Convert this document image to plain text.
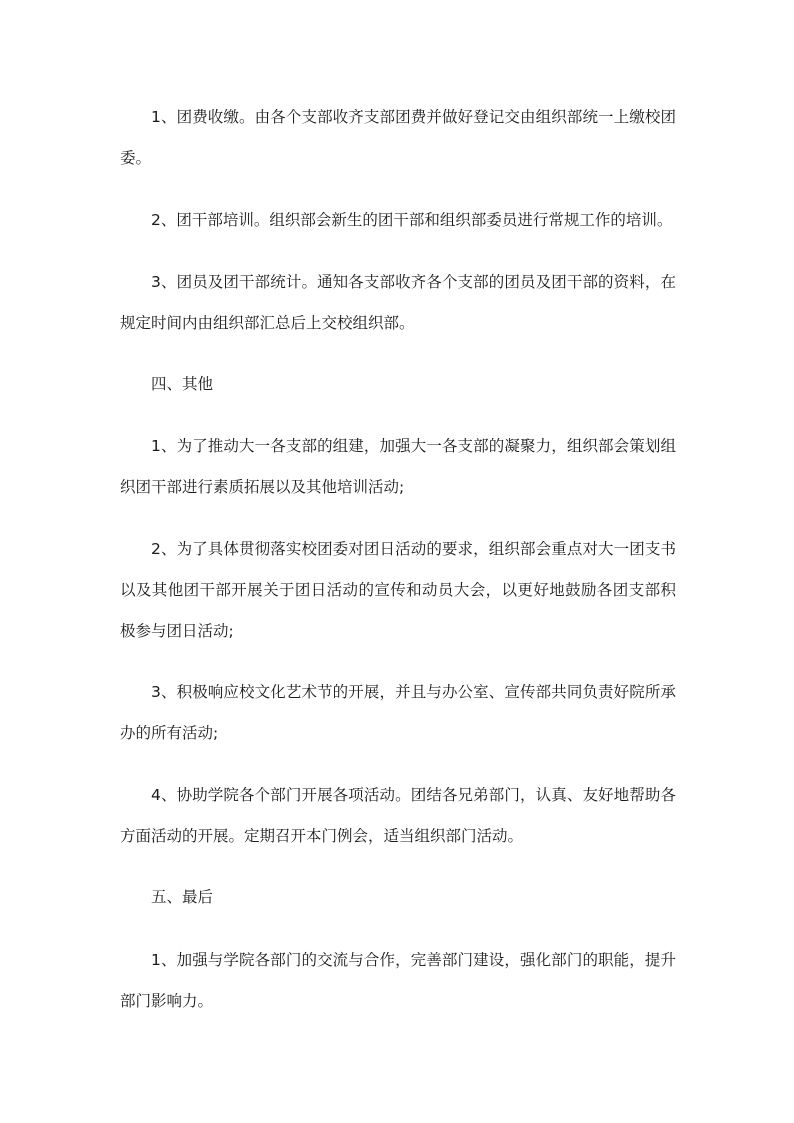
1、团费收缴。由各个支部收齐支部团费并做好登记交由组织部统一上缴校团委。

2、团干部培训。组织部会新生的团干部和组织部委员进行常规工作的培训。

3、团员及团干部统计。通知各支部收齐各个支部的团员及团干部的资料，在规定时间内由组织部汇总后上交校组织部。

四、其他

1、为了推动大一各支部的组建，加强大一各支部的凝聚力，组织部会策划组织团干部进行素质拓展以及其他培训活动;

2、为了具体贯彻落实校团委对团日活动的要求，组织部会重点对大一团支书以及其他团干部开展关于团日活动的宣传和动员大会，以更好地鼓励各团支部积极参与团日活动;

3、积极响应校文化艺术节的开展，并且与办公室、宣传部共同负责好院所承办的所有活动;

4、协助学院各个部门开展各项活动。团结各兄弟部门，认真、友好地帮助各方面活动的开展。定期召开本门例会，适当组织部门活动。

五、最后

1、加强与学院各部门的交流与合作，完善部门建设，强化部门的职能，提升部门影响力。
